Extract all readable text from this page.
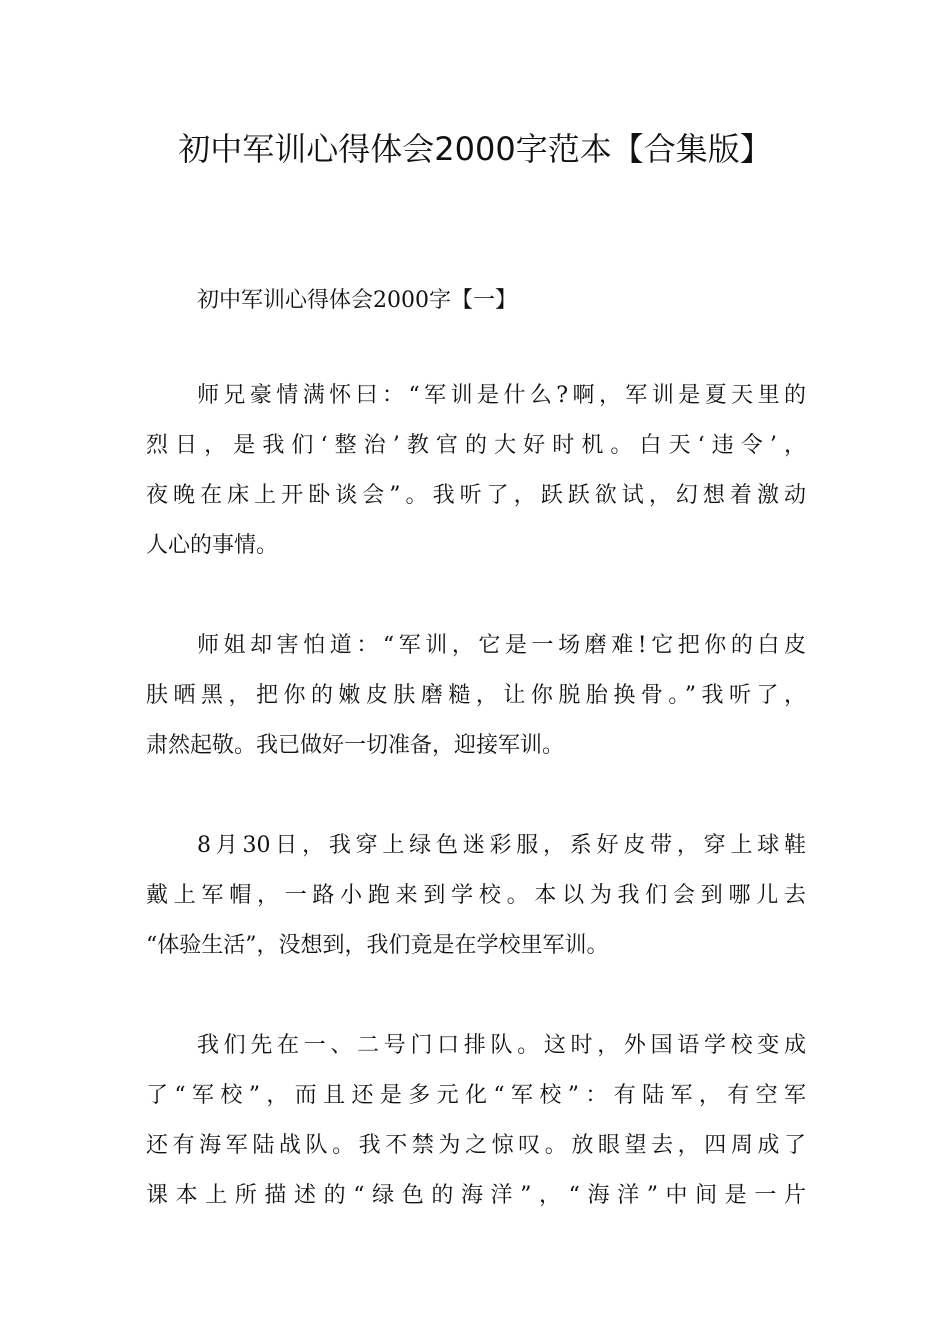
初中军训心得体会2000字范本【合集版】
初中军训心得体会2000字【一】
师兄豪情满怀曰：“军训是什么?啊，军训是夏天里的
烈日，是我们‘整治’教官的大好时机。白天‘违令’，
夜晚在床上开卧谈会”。我听了，跃跃欲试，幻想着激动
人心的事情。
师姐却害怕道：“军训，它是一场磨难!它把你的白皮
肤晒黑，把你的嫩皮肤磨糙，让你脱胎换骨。”我听了，
肃然起敬。我已做好一切准备，迎接军训。
8月30日，我穿上绿色迷彩服，系好皮带，穿上球鞋
戴上军帽，一路小跑来到学校。本以为我们会到哪儿去
“体验生活”，没想到，我们竟是在学校里军训。
我们先在一、二号门口排队。这时，外国语学校变成
了“军校”，而且还是多元化“军校”：有陆军，有空军
还有海军陆战队。我不禁为之惊叹。放眼望去，四周成了
课本上所描述的“绿色的海洋”，“海洋”中间是一片
